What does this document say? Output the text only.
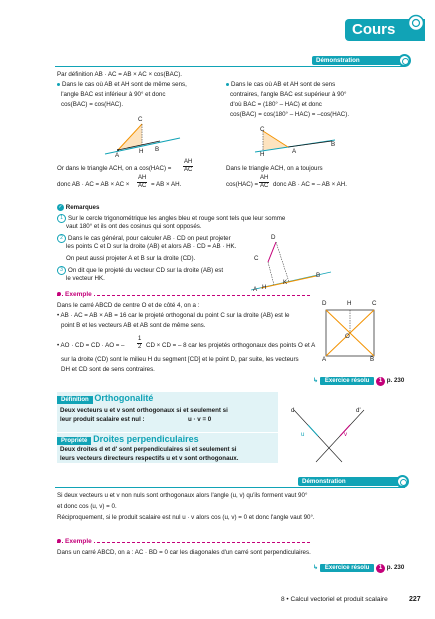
Cours
Démonstration
Par définition AB · AC = AB × AC × cos(BAC).
Dans le cas où AB et AH sont de même sens,
l'angle BAC est inférieur à 90° et donc
cos(BAC) = cos(HAC).
C
A
H B
Or dans le triangle ACH, on a $\cos(HAC) = \frac{AH}{AC}$
donc AB · AC = AB × AC × $\frac{AH}{AC}$ = AB × AH.
Dans le cas où AB et AH sont de sens
contraires, l'angle BAC est supérieur à 90°
d'où BAC = (180° – HAC) et donc
cos(BAC) = cos(180° – HAC) = –cos(HAC).
C
H	A
B
Dans le triangle ACH, on a toujours
$\cos(HAC) = \frac{AH}{AC}$ donc AB · AC = – AB × AH.
✓ Remarques
1 Sur le cercle trigonométrique les angles bleu et rouge sont tels que leur somme
vaut 180° et ils ont des cosinus qui sont opposés.
2 Dans le cas général, pour calculer AB · CD on peut projeter
les points C et D sur la droite (AB) et alors AB · CD = AB · HK.
On peut aussi projeter A et B sur la droite (CD).
3 On dit que le projeté du vecteur CD sur la droite (AB) est
le vecteur HK.
D
C
A H
K
B
Exemple
Dans le carré ABCD de centre O et de côté 4, on a :
• AB · AC = AB × AB = 16 car le projeté orthogonal du point C sur la droite (AB) est le
point B et les vecteurs AB et AB sont de même sens.
• AO · CD = CD · AO = – $\frac{1}{2}$ CD × CD = – 8 car les projetés orthogonaux des points O et A
sur la droite (CD) sont le milieu H du segment [CD] et le point D, par suite, les vecteurs
DH et CD sont de sens contraires.
D	H	C
O
A	B
↳ Exercice résolu 1 p. 230
Définition Orthogonalité
Deux vecteurs u et v sont orthogonaux si et seulement si
leur produit scalaire est nul :	u · v = 0
Propriété Droites perpendiculaires
Deux droites d et d' sont perpendiculaires si et seulement si
leurs vecteurs directeurs respectifs u et v sont orthogonaux.
d	d'
u	v
Démonstration
Si deux vecteurs u et v non nuls sont orthogonaux alors l'angle (u, v) qu'ils forment vaut 90°
et donc cos (u, v) = 0.
Réciproquement, si le produit scalaire est nul u · v alors cos (u, v) = 0 et donc l'angle vaut 90°.
Exemple
Dans un carré ABCD, on a : AC · BD = 0 car les diagonales d'un carré sont perpendiculaires.
↳ Exercice résolu 1 p. 230
8 • Calcul vectoriel et produit scalaire	227
